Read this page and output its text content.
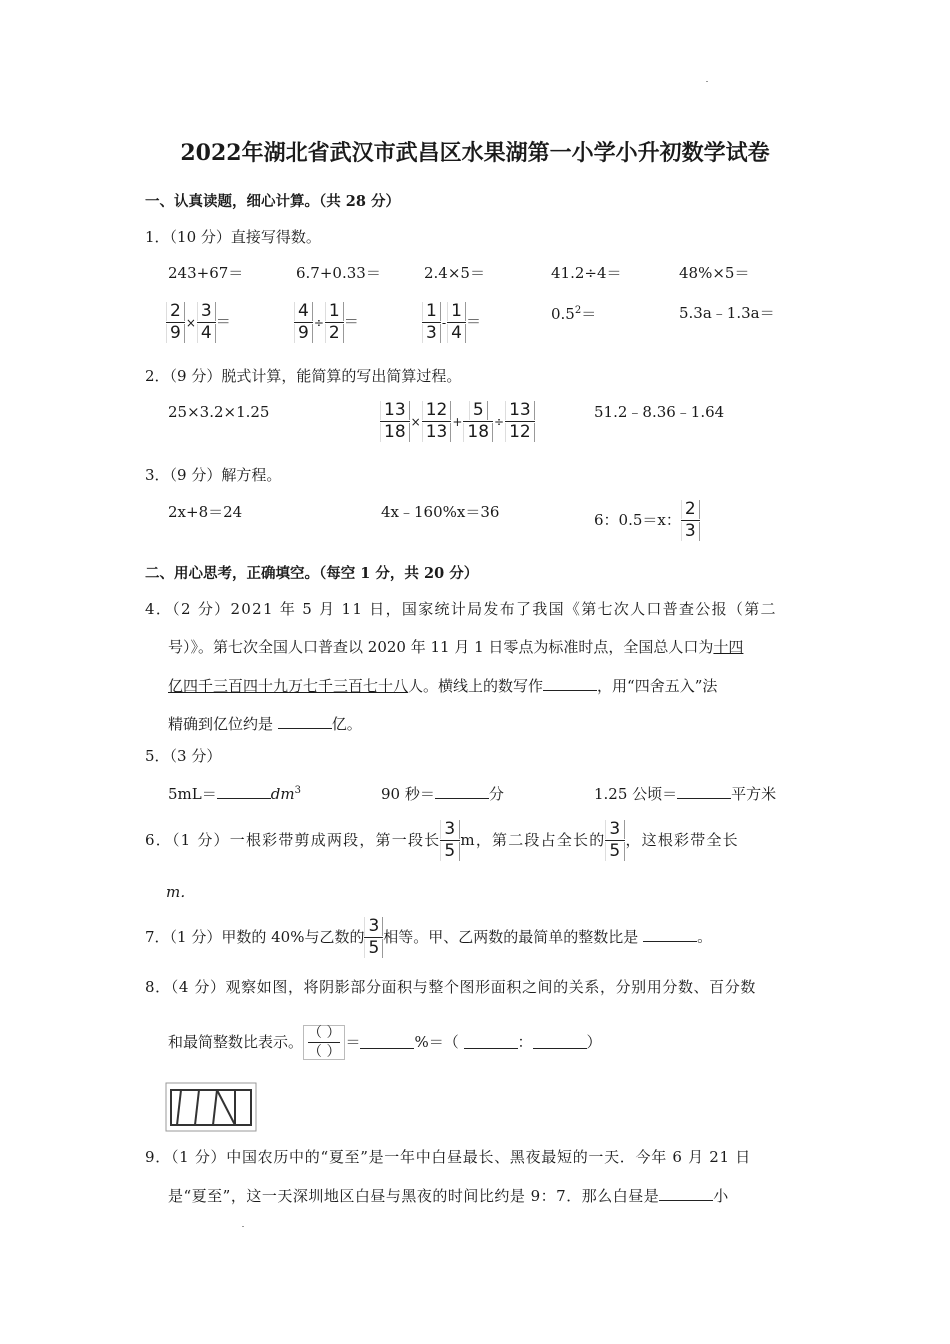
2022年湖北省武汉市武昌区水果湖第一小学小升初数学试卷
一、认真读题，细心计算。（共 28 分）
1．（10 分）直接写得数。
243+67＝	6.7+0.33＝	2.4×5＝	41.2÷4＝	48%×5＝
$\frac{2}{9} \times \frac{3}{4}$ ＝	$\frac{4}{9} \div \frac{1}{2}$ ＝	$\frac{1}{3} - \frac{1}{4}$ ＝	$0.5^2=$	5.3a﹣1.3a＝
2．（9 分）脱式计算，能简算的写出简算过程。
25×3.2×1.25	$\frac{13}{18} \times \frac{12}{13} + \frac{5}{18} \div \frac{13}{12}$	51.2﹣8.36﹣1.64
3．（9 分）解方程。
2x+8＝24	4x﹣160%x＝36	6：0.5＝x： $\frac{2}{3}$
二、用心思考，正确填空。（每空 1 分，共 20 分）
4．（2 分）2021 年 5 月 11 日，国家统计局发布了我国《第七次人口普查公报（第二
号）》。第七次全国人口普查以 2020 年 11 月 1 日零点为标准时点，全国总人口为十四
亿四千三百四十九万七千三百七十八人。横线上的数写作	，用“四舍五入”法
精确到亿位约是	亿。
5．（3 分）
5mL＝	$dm^3$	90 秒＝	分	1.25 公顷＝	平方米
6．（1 分）一根彩带剪成两段，第一段长 $\frac{3}{5}$ m，第二段占全长的 $\frac{3}{5}$ ，这根彩带全长
m．
7．（1 分）甲数的 40%与乙数的 $\frac{3}{5}$ 相等。甲、乙两数的最简单的整数比是	。
8．（4 分）观察如图，将阴影部分面积与整个图形面积之间的关系，分别用分数、百分数
和最简整数比表示。 （ ）
（ ）
＝	%＝（	：	）
9．（1 分）中国农历中的“夏至”是一年中白昼最长、黑夜最短的一天．今年 6 月 21 日
是“夏至”，这一天深圳地区白昼与黑夜的时间比约是 9：7．那么白昼是	小
